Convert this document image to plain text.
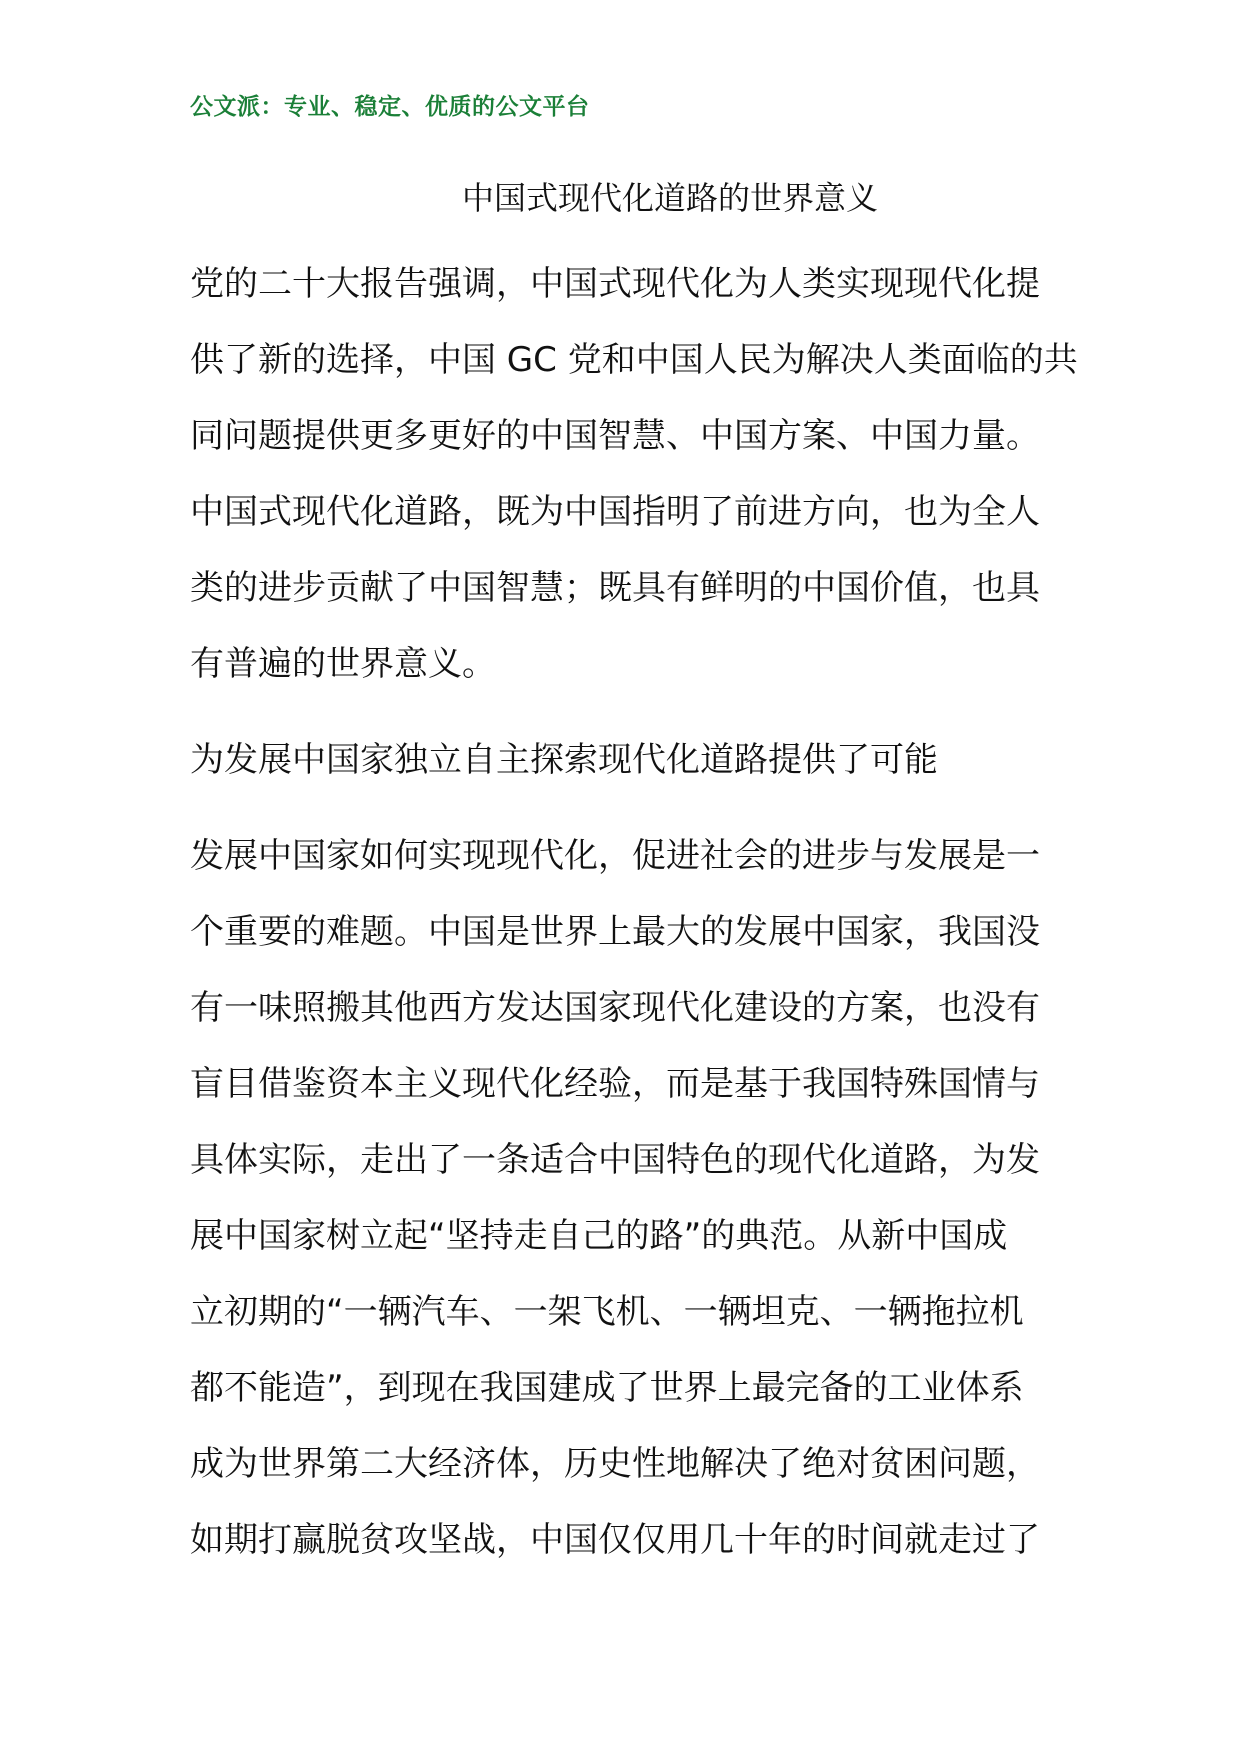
公文派：专业、稳定、优质的公文平台
中国式现代化道路的世界意义
党的二十大报告强调，中国式现代化为人类实现现代化提
供了新的选择，中国 GC 党和中国人民为解决人类面临的共
同问题提供更多更好的中国智慧、中国方案、中国力量。
中国式现代化道路，既为中国指明了前进方向，也为全人
类的进步贡献了中国智慧；既具有鲜明的中国价值，也具
有普遍的世界意义。
为发展中国家独立自主探索现代化道路提供了可能
发展中国家如何实现现代化，促进社会的进步与发展是一
个重要的难题。中国是世界上最大的发展中国家，我国没
有一味照搬其他西方发达国家现代化建设的方案，也没有
盲目借鉴资本主义现代化经验，而是基于我国特殊国情与
具体实际，走出了一条适合中国特色的现代化道路，为发
展中国家树立起“坚持走自己的路”的典范。从新中国成
立初期的“一辆汽车、一架飞机、一辆坦克、一辆拖拉机
都不能造”，到现在我国建成了世界上最完备的工业体系
成为世界第二大经济体，历史性地解决了绝对贫困问题，
如期打赢脱贫攻坚战，中国仅仅用几十年的时间就走过了
